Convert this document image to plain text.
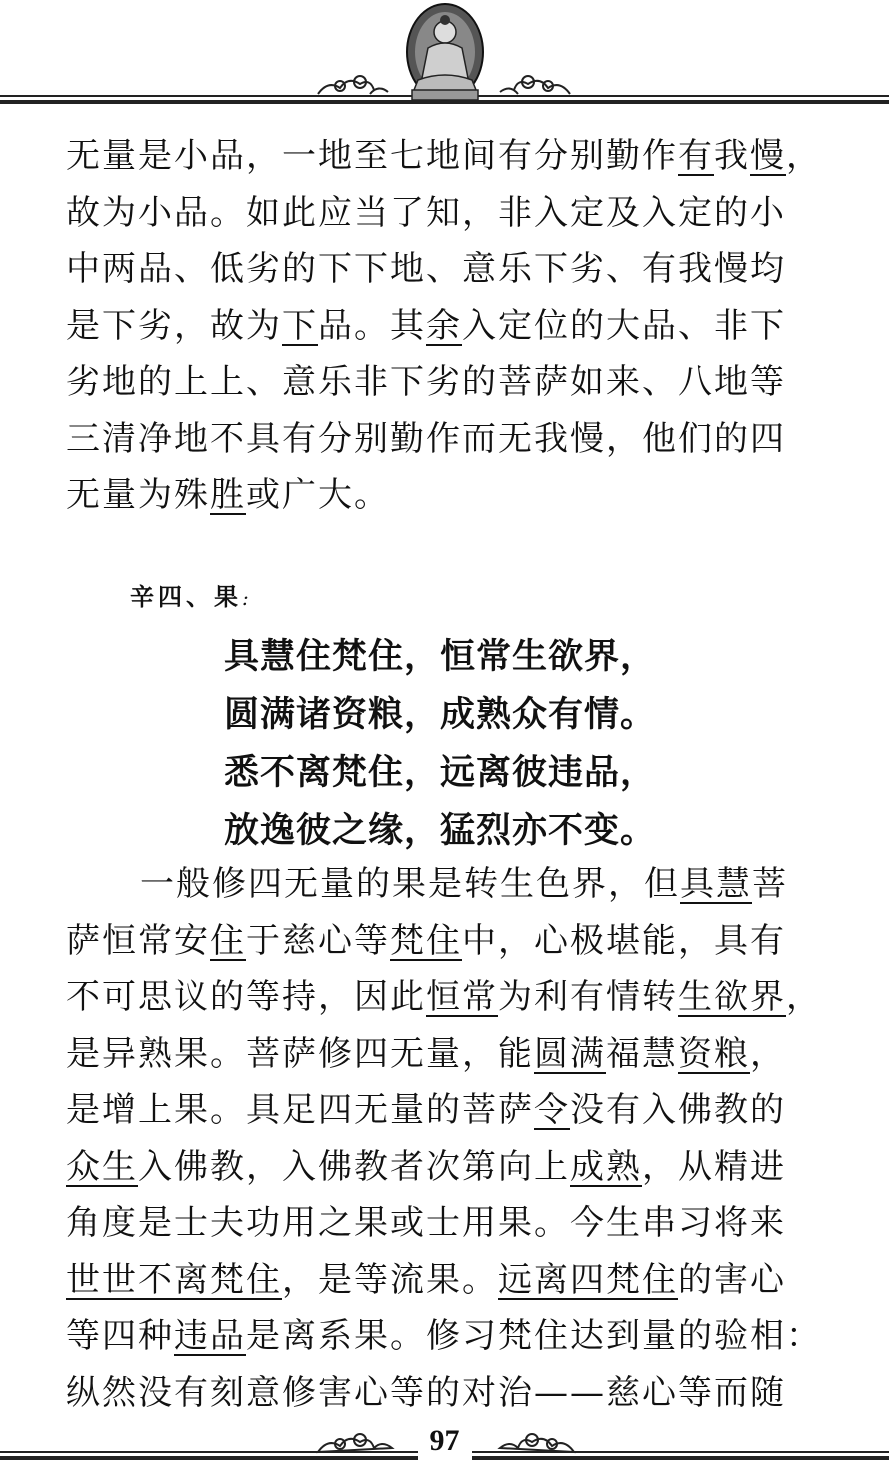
无量是小品，一地至七地间有分别勤作有我慢，
故为小品。如此应当了知，非入定及入定的小
中两品、低劣的下下地、意乐下劣、有我慢均
是下劣，故为下品。其余入定位的大品、非下
劣地的上上、意乐非下劣的菩萨如来、八地等
三清净地不具有分别勤作而无我慢，他们的四
无量为殊胜或广大。

辛四、果:
具慧住梵住，恒常生欲界，
圆满诸资粮，成熟众有情。
悉不离梵住，远离彼违品，
放逸彼之缘，猛烈亦不变。

一般修四无量的果是转生色界，但具慧菩
萨恒常安住于慈心等梵住中，心极堪能，具有
不可思议的等持，因此恒常为利有情转生欲界，
是异熟果。菩萨修四无量，能圆满福慧资粮，
是增上果。具足四无量的菩萨令没有入佛教的
众生入佛教，入佛教者次第向上成熟，从精进
角度是士夫功用之果或士用果。今生串习将来
世世不离梵住，是等流果。远离四梵住的害心
等四种违品是离系果。修习梵住达到量的验相：
纵然没有刻意修害心等的对治——慈心等而随

97
